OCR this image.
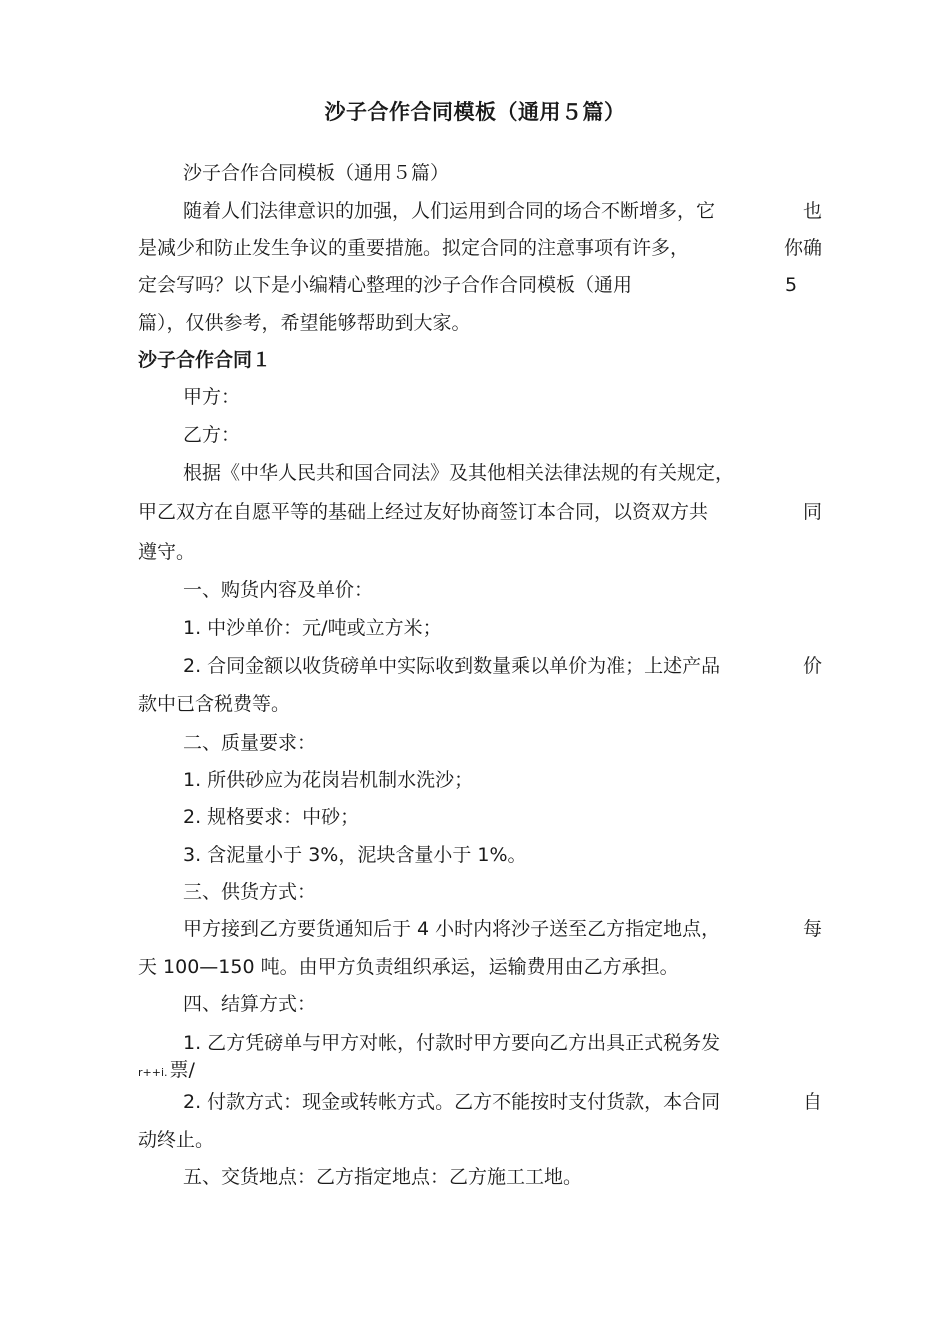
沙子合作合同模板（通用５篇）
沙子合作合同模板（通用５篇）
随着人们法律意识的加强，人们运用到合同的场合不断增多，它	也
是减少和防止发生争议的重要措施。拟定合同的注意事项有许多，	你确
定会写吗？以下是小编精心整理的沙子合作合同模板（通用	5
篇），仅供参考，希望能够帮助到大家。
沙子合作合同１
甲方：
乙方：
根据《中华人民共和国合同法》及其他相关法律法规的有关规定，
甲乙双方在自愿平等的基础上经过友好协商签订本合同，以资双方共	同
遵守。
一、购货内容及单价：
1. 中沙单价：元/吨或立方米；
2. 合同金额以收货磅单中实际收到数量乘以单价为准；上述产品	价
款中已含税费等。
二、质量要求：
1. 所供砂应为花岗岩机制水洗沙；
2. 规格要求：中砂；
3. 含泥量小于 3%，泥块含量小于 1%。
三、供货方式：
甲方接到乙方要货通知后于 4 小时内将沙子送至乙方指定地点，	每
天 100—150 吨。由甲方负责组织承运，运输费用由乙方承担。
四、结算方式：
1. 乙方凭磅单与甲方对帐，付款时甲方要向乙方出具正式税务发
r++i. 票/
2. 付款方式：现金或转帐方式。乙方不能按时支付货款，本合同	自
动终止。
五、交货地点：乙方指定地点：乙方施工工地。
